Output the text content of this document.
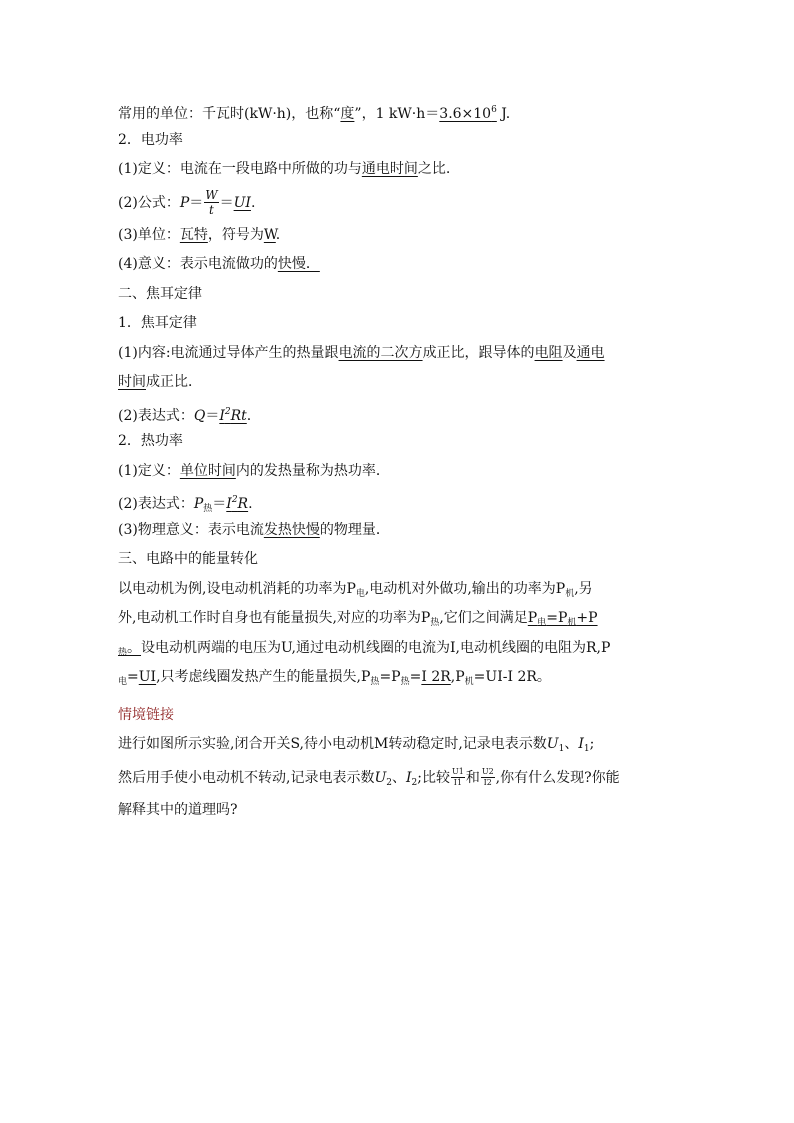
常用的单位：千瓦时(kW·h)，也称“度”，1 $kW\cdot h=3.6\times 10^6$ J.
2．电功率
(1)定义：电流在一段电路中所做的功与通电时间之比.
(2)公式：$P= \frac{W}{t} =UI$.
(3)单位：瓦特，符号为W.
(4)意义：表示电流做功的快慢．
二、焦耳定律
1．焦耳定律
(1)内容:电流通过导体产生的热量跟电流的二次方成正比，跟导体的电阻及通电
时间成正比．
(2)表达式：$Q=I^2Rt$.
2．热功率
(1)定义：单位时间内的发热量称为热功率．
(2)表达式：$P_热=I^2R$.
(3)物理意义：表示电流发热快慢的物理量．
三、电路中的能量转化
以电动机为例,设电动机消耗的功率为$P_电$,电动机对外做功,输出的功率为$P_机$,另
外,电动机工作时自身也有能量损失,对应的功率为$P_热$,它们之间满足$P_电=P_机+P$
$_热$。设电动机两端的电压为U,通过电动机线圈的电流为I,电动机线圈的电阻为R,P
$_电$=UI,只考虑线圈发热产生的能量损失$,P_热=P_热=I$ $2R,P_机=UI-I$ 2R。
情境链接
进行如图所示实验,闭合开关S,待小电动机M转动稳定时,记录电表示数$U_1$、$I_1$;
然后用手使小电动机不转动,记录电表示数$U_2$、$I_2$;比较 $\frac{U1}{I1}$ 和 $\frac{U2}{I2}$ ,你有什么发现?你能
解释其中的道理吗?
